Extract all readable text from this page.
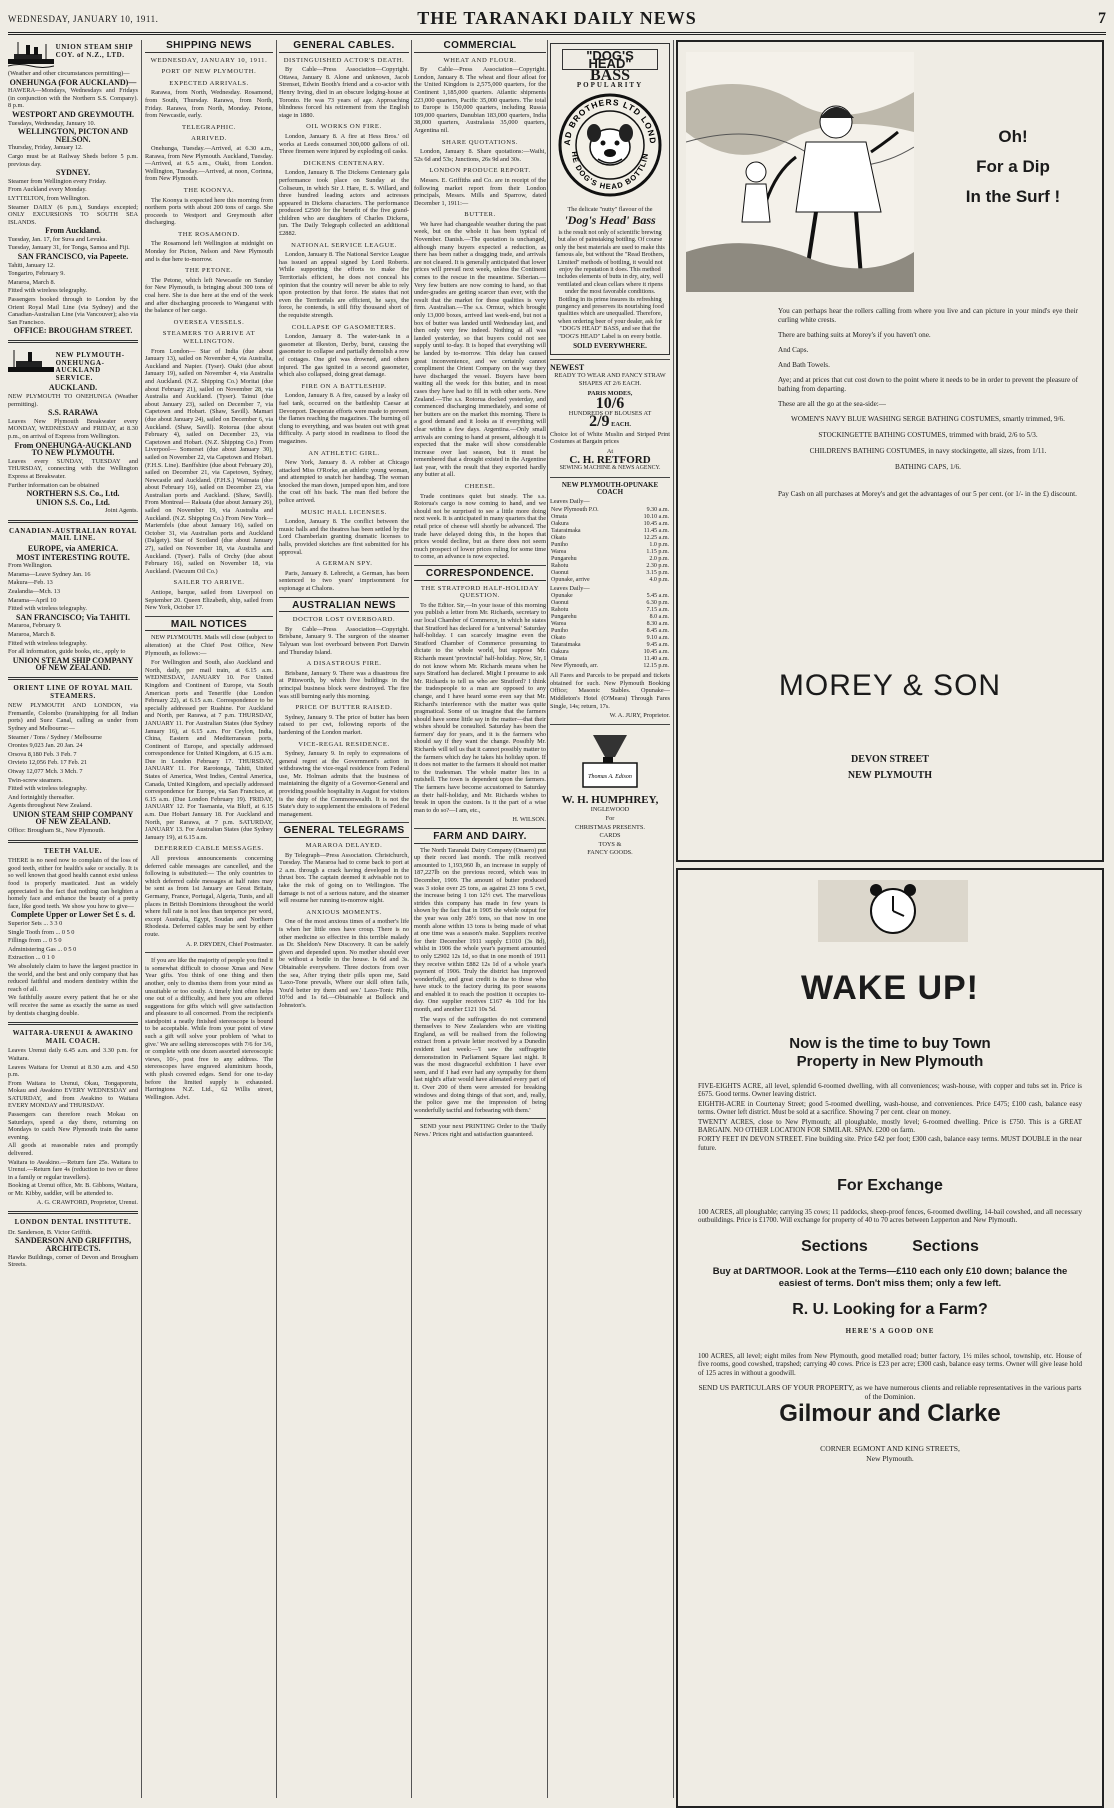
WEDNESDAY, JANUARY 10, 1911.	THE TARANAKI DAILY NEWS	7
UNION STEAM SHIP COY. of N.Z., LTD.

(Weather and other circumstances permitting)—

ONEHUNGA (FOR AUCKLAND)—

HAWERA—Mondays, Wednesdays and Fridays (in conjunction with the Northern S.S. Company). 8 p.m.

WESTPORT AND GREYMOUTH.

Tuesdays, Wednesday, January 10.

WELLINGTON, PICTON AND NELSON.

Thursday, Friday, January 12.

Cargo must be at Railway Sheds before 5 p.m. previous day.

SYDNEY.

Steamer from Wellington every Friday.

From Auckland every Monday.

LYTTELTON, from Wellington.

Steamer DAILY (6 p.m.), Sundays excepted; ONLY EXCURSIONS TO SOUTH SEA ISLANDS.

From Auckland.

Tuesday, Jan. 17, for Suva and Levuka.

Tuesday, January 31, for Tonga, Samoa and Fiji.

SAN FRANCISCO, via Papeete.

Tahiti, January 12.

Tongariro, February 9.

Mararoa, March 8.

Fitted with wireless telegraphy.

Passengers booked through to London by the Orient Royal Mail Line (via Sydney) and the Canadian-Australian Line (via Vancouver); also via San Francisco.

OFFICE: BROUGHAM STREET.

NEW PLYMOUTH-ONEHUNGA-AUCKLAND SERVICE.

AUCKLAND.

NEW PLYMOUTH TO ONEHUNGA (Weather permitting).

S.S. RARAWA

Leaves New Plymouth Breakwater every MONDAY, WEDNESDAY and FRIDAY, at 8.30 p.m., on arrival of Express from Wellington.

From ONEHUNGA-AUCKLAND TO NEW PLYMOUTH.

Leaves every SUNDAY, TUESDAY and THURSDAY, connecting with the Wellington Express at Breakwater.

Further information can be obtained

NORTHERN S.S. Co., Ltd.

UNION S.S. Co., Ltd.

Joint Agents.

CANADIAN-AUSTRALIAN ROYAL MAIL LINE.

EUROPE, via AMERICA.

MOST INTERESTING ROUTE.

From Wellington.

Marama—Leave Sydney Jan. 16

Makura—Feb. 13

Zealandia—Mch. 13

Marama—April 10

Fitted with wireless telegraphy.

SAN FRANCISCO; Via TAHITI.

Mararoa, February 9.

Mararoa, March 8.

Fitted with wireless telegraphy.

For all information, guide books, etc., apply to

UNION STEAM SHIP COMPANY OF NEW ZEALAND.

ORIENT LINE OF ROYAL MAIL STEAMERS.

NEW PLYMOUTH AND LONDON, via Fremantle, Colombo (transhipping for all Indian ports) and Suez Canal, calling as under from Sydney and Melbourne:—

Steamer / Tons / Sydney / Melbourne

Orontes 9,023 Jan. 20 Jan. 24

Orsova 8,180 Feb. 3 Feb. 7

Orvieto 12,056 Feb. 17 Feb. 21

Otway 12,077 Mch. 3 Mch. 7

Twin-screw steamers.

Fitted with wireless telegraphy.

And fortnightly thereafter.

Agents throughout New Zealand.

UNION STEAM SHIP COMPANY OF NEW ZEALAND.

Office: Brougham St., New Plymouth.

TEETH VALUE.

THERE is no need now to complain of the loss of good teeth, either for health's sake or socially. It is so well known that good health cannot exist unless food is properly masticated. Just as widely appreciated is the fact that nothing can heighten a homely face and enhance the beauty of a pretty face, like good teeth. We show you how to give—

Complete Upper or Lower Set £ s. d.

Superior Sets ... 3 3 0

Single Tooth from ... 0 5 0

Fillings from ... 0 5 0

Administering Gas ... 0 5 0

Extraction ... 0 1 0

We absolutely claim to have the largest practice in the world, and the best and only company that has reduced faithful and modern dentistry within the reach of all.

We faithfully assure every patient that he or she will receive the same as exactly the same as used by dentists charging double.

WAITARA-URENUI & AWAKINO MAIL COACH.

Leaves Urenui daily 6.45 a.m. and 3.30 p.m. for Waitara.

Leaves Waitara for Urenui at 8.30 a.m. and 4.50 p.m.

From Waitara to Urenui, Okau, Tongaporutu, Mokau and Awakino EVERY WEDNESDAY and SATURDAY, and from Awakino to Waitara EVERY MONDAY and THURSDAY.

Passengers can therefore reach Mokau on Saturdays, spend a day there, returning on Mondays to catch New Plymouth train the same evening.

All goods at reasonable rates and promptly delivered.

Waitara to Awakino.—Return fare 25s. Waitara to Urenui.—Return fare 4s (reduction to two or three in a family or regular travellers).

Booking at Urenui office, Mr. B. Gibbons, Waitara, or Mr. Kibby, saddler, will be attended to.

A. G. CRAWFORD, Proprietor, Urenui.

LONDON DENTAL INSTITUTE.

Dr. Sanderson, B. Victor Griffith.

SANDERSON AND GRIFFITHS, ARCHITECTS.

Hawke Buildings, corner of Devon and Brougham Streets.

SHIPPING NEWS
WEDNESDAY, JANUARY 10, 1911.
PORT OF NEW PLYMOUTH.
EXPECTED ARRIVALS.

Rarawa, from North, Wednesday. Rosamond, from South, Thursday. Rarawa, from North, Friday. Rarawa, from North, Monday. Petone, from Newcastle, early.

TELEGRAPHIC.
ARRIVED.

Onehunga, Tuesday.—Arrived, at 6.30 a.m., Rarawa, from New Plymouth. Auckland, Tuesday.—Arrived, at 6.5 a.m., Otaki, from London. Wellington, Tuesday.—Arrived, at noon, Corinna, from New Plymouth.

THE KOONYA.

The Koonya is expected here this morning from northern ports with about 200 tons of cargo. She proceeds to Westport and Greymouth after discharging.

THE ROSAMOND.

The Rosamond left Wellington at midnight on Monday for Picton, Nelson and New Plymouth and is due here to-morrow.

THE PETONE.

The Petone, which left Newcastle on Sunday for New Plymouth, is bringing about 300 tons of coal here. She is due here at the end of the week and after discharging proceeds to Wanganui with the balance of her cargo.

OVERSEA VESSELS.
STEAMERS TO ARRIVE AT WELLINGTON.

From London— Star of India (due about January 13), sailed on November 4, via Australia, Auckland and Napier. (Tyser). Otaki (due about January 19), sailed on November 4, via Australia and Auckland. (N.Z. Shipping Co.) Moritai (due about February 21), sailed on November 28, via Australia and Auckland. (Tyser). Tainui (due about January 23), sailed on December 7, via Capetown and Hobart. (Shaw, Savill). Mamari (due about January 24), sailed on December 6, via Auckland. (Shaw, Savill). Rotorua (due about February 4), sailed on December 23, via Capetown and Hobart. (N.Z. Shipping Co.) From Liverpool— Somerset (due about January 30), sailed on November 22, via Capetown and Hobart. (F.H.S. Line). Banffshire (due about February 20), sailed on December 21, via Capetown, Sydney, Newcastle and Auckland. (F.H.S.) Waimata (due about February 16), sailed on December 23, via Australian ports and Auckland. (Shaw, Savill). From Montreal— Raksaia (due about January 26), sailed on November 19, via Australia and Auckland. (N.Z. Shipping Co.) From New York— Mariemfels (due about January 16), sailed on October 31, via Australian ports and Auckland (Dalgety). Star of Scotland (due about January 27), sailed on November 18, via Australia and Auckland. (Tyser). Falls of Orchy (due about February 16), sailed on November 18, via Auckland. (Vacuum Oil Co.)

SAILER TO ARRIVE.

Antiope, barque, sailed from Liverpool on September 20. Queen Elizabeth, ship, sailed from New York, October 17.

MAIL NOTICES

NEW PLYMOUTH. Mails will close (subject to alteration) at the Chief Post Office, New Plymouth, as follows:—

For Wellington and South, also Auckland and North, daily, per mail train, at 6.15 a.m. WEDNESDAY, JANUARY 10. For United Kingdom and Continent of Europe, via South American ports and Teneriffe (due London February 22), at 6.15 a.m. Correspondence to be specially addressed per Ruahine. For Auckland and North, per Rarawa, at 7 p.m. THURSDAY, JANUARY 11. For Australian States (due Sydney January 16), at 6.15 a.m. For Ceylon, India, China, Eastern and Mediterranean ports, Continent of Europe, and specially addressed correspondence for United Kingdom, at 6.15 a.m. Due in London February 17. THURSDAY, JANUARY 11. For Rarotonga, Tahiti, United States of America, West Indies, Central America, Canada, United Kingdom, and specially addressed correspondence for Europe, via San Francisco, at 6.15 a.m. (Due London February 19). FRIDAY, JANUARY 12. For Tasmania, via Bluff, at 6.15 a.m. Due Hobart January 18. For Auckland and North, per Rarawa, at 7 p.m. SATURDAY, JANUARY 13. For Australian States (due Sydney January 19), at 6.15 a.m.

DEFERRED CABLE MESSAGES.

All previous announcements concerning deferred cable messages are cancelled, and the following is substituted:— The only countries to which deferred cable messages at half rates may be sent as from 1st January are Great Britain, Germany, France, Portugal, Algeria, Tunis, and all places in British Dominions throughout the world where full rate is not less than tenpence per word, except Australia, Egypt, Soudan and Northern Rhodesia. Deferred cables may be sent by either route.

A. P. DRYDEN, Chief Postmaster.

If you are like the majority of people you find it is somewhat difficult to choose Xmas and New Year gifts. You think of one thing and then another, only to dismiss them from your mind as unsuitable or too costly. A timely hint often helps one out of a difficulty, and here you are offered suggestions for gifts which will give satisfaction and pleasure to all concerned. From the recipient's standpoint a neatly finished stereoscope is bound to be acceptable. While from your point of view such a gift will solve your problem of 'what to give.' We are selling stereoscopes with 7/6 for 3/6, or complete with one dozen assorted stereoscopic views, 10/-, post free to any address. The stereoscopes have engraved aluminium hoods, with plush covered edges. Send for one to-day before the limited supply is exhausted. Harringtons N.Z. Ltd., 62 Willis street, Wellington. Advt.

GENERAL CABLES.
DISTINGUISHED ACTOR'S DEATH.

By Cable—Press Association—Copyright. Ottawa, January 8. Alone and unknown, Jacob Strenset, Edwin Booth's friend and a co-actor with Henry Irving, died in an obscure lodging-house at Toronto. He was 73 years of age. Approaching blindness forced his retirement from the English stage in 1880.

OIL WORKS ON FIRE.

London, January 8. A fire at Hess Bros.' oil works at Leeds consumed 300,000 gallons of oil. Three firemen were injured by exploding oil casks.

DICKENS CENTENARY.

London, January 8. The Dickens Centenary gala performance took place on Sunday at the Coliseum, in which Sir J. Hare, E. S. Willard, and three hundred leading actors and actresses appeared in Dickens characters. The performance produced £2500 for the benefit of the five grand-children who are daughters of Charles Dickens, jun. The Daily Telegraph collected an additional £2882.

NATIONAL SERVICE LEAGUE.

London, January 8. The National Service League has issued an appeal signed by Lord Roberts. While supporting the efforts to make the Territorials efficient, he does not conceal his opinion that the country will never be able to rely upon protection by that force. He states that not even the Territorials are efficient, he says, the force, he contends, is still fifty thousand short of the requisite strength.

COLLAPSE OF GASOMETERS.

London, January 8. The water-tank in a gasometer at Ilkeston, Derby, burst, causing the gasometer to collapse and partially demolish a row of cottages. One girl was drowned, and others injured. The gas ignited in a second gasometer, which also collapsed, doing great damage.

FIRE ON A BATTLESHIP.

London, January 8. A fire, caused by a leaky oil fuel tank, occurred on the battleship Caesar at Devonport. Desperate efforts were made to prevent the flames reaching the magazines. The burning oil clung to everything, and was beaten out with great difficulty. A party stood in readiness to flood the magazines.

AN ATHLETIC GIRL.

New York, January 8. A robber at Chicago attacked Miss O'Rorke, an athletic young woman, and attempted to snatch her handbag. The woman knocked the man down, jumped upon him, and tore the coat off his back. The man fled before the police arrived.

MUSIC HALL LICENSES.

London, January 8. The conflict between the music halls and the theatres has been settled by the Lord Chamberlain granting dramatic licenses to halls, provided sketches are first submitted for his approval.

A GERMAN SPY.

Paris, January 8. Lehrecht, a German, has been sentenced to two years' imprisonment for espionage at Chalons.

AUSTRALIAN NEWS
DOCTOR LOST OVERBOARD.

By Cable—Press Association—Copyright. Brisbane, January 9. The surgeon of the steamer Talyuan was lost overboard between Port Darwin and Thursday Island.

A DISASTROUS FIRE.

Brisbane, January 9. There was a disastrous fire at Pittsworth, by which five buildings in the principal business block were destroyed. The fire was still burning early this morning.

PRICE OF BUTTER RAISED.

Sydney, January 9. The price of butter has been raised to per cwt, following reports of the hardening of the London market.

VICE-REGAL RESIDENCE.

Sydney, January 9. In reply to expressions of general regret at the Government's action in withdrawing the vice-regal residence from Federal use, Mr. Holman admits that the business of maintaining the dignity of a Governor-General and providing possible hospitality in August for visitors is the duty of the Commonwealth. It is not the State's duty to supplement the emissions of Federal management.

GENERAL TELEGRAMS
MARAROA DELAYED.

By Telegraph—Press Association. Christchurch, Tuesday. The Mararoa had to come back to port at 2 a.m. through a crack having developed in the thrust box. The captain deemed it advisable not to take the risk of going on to Wellington. The damage is not of a serious nature, and the steamer will resume her running to-morrow night.

ANXIOUS MOMENTS.

One of the most anxious times of a mother's life is when her little ones have croup. There is no other medicine so effective in this terrible malady as Dr. Sheldon's New Discovery. It can be safely given and depended upon. No mother should ever be without a bottle in the house. Is 6d and 3s. Obtainable everywhere. Three doctors from over the sea, After trying their pills upon me, Said 'Laxo-Tone prevails, Where our skill often fails, You'd better try them and see.' Laxo-Tonic Pills, 10½d and 1s 6d.—Obtainable at Bullock and Johnston's.

COMMERCIAL
WHEAT AND FLOUR.

By Cable—Press Association—Copyright. London, January 8. The wheat and flour afloat for the United Kingdom is 2,575,000 quarters, for the Continent 1,185,000 quarters. Atlantic shipments 223,000 quarters, Pacific 35,000 quarters. The total to Europe is 150,000 quarters, including Russia 109,000 quarters, Danubian 183,000 quarters, India 38,000 quarters, Australasia 35,000 quarters, Argentina nil.

SHARE QUOTATIONS.

London, January 8. Share quotations:—Waihi, 52s 6d and 53s; Junctions, 26s 9d and 30s.

LONDON PRODUCE REPORT.

Messrs. E. Griffiths and Co. are in receipt of the following market report from their London principals, Messrs. Mills and Sparrow, dated December 1, 1911:—

BUTTER.

We have had changeable weather during the past week, but on the whole it has been typical of November. Danish.—The quotation is unchanged, although many buyers expected a reduction, as there has been rather a dragging trade, and arrivals are not cleared. It is generally anticipated that lower prices will prevail next week, unless the Continent comes to the rescue in the meantime. Siberian.—Very few butters are now coming to hand, so that under-grades are getting scarcer than ever, with the result that the market for these qualities is very firm. Australian.—The s.s. Ormuz, which brought only 13,000 boxes, arrived last week-end, but not a box of butter was landed until Wednesday last, and then only very few indeed. Nothing at all was landed yesterday, so that buyers could not see supply until to-day. It is hoped that everything will be landed by to-morrow. This delay has caused great inconvenience, and we certainly cannot compliment the Orient Company on the way they have discharged the vessel. Buyers have been waiting all the week for this butter, and in most cases they have had to fill in with other sorts. New Zealand.—The s.s. Rotorua docked yesterday, and commenced discharging immediately, and some of her butters are on the market this morning. There is a good demand and it looks as if everything will clear within a few days. Argentina.—Only small arrivals are coming to hand at present, although it is expected that the make will show considerable increase over last season, but it must be remembered that a drought existed in the Argentine last year, with the result that they exported hardly any butter at all.

CHEESE.

Trade continues quiet but steady. The s.s. Rotorua's cargo is now coming to hand, and we should not be surprised to see a little more doing next week. It is anticipated in many quarters that the retail price of cheese will shortly be advanced. The trade have delayed doing this, in the hopes that prices would decline, but as there does not seem much prospect of lower prices ruling for some time to come, an advance is now expected.

CORRESPONDENCE.
THE STRATFORD HALF-HOLIDAY QUESTION.

To the Editor. Sir,—In your issue of this morning you publish a letter from Mr. Richards, secretary to our local Chamber of Commerce, in which he states that Stratford has declared for a 'universal' Saturday half-holiday. I can scarcely imagine even the Stratford Chamber of Commerce presuming to dictate to the whole world, but suppose Mr. Richards meant 'provincial' half-holiday. Now, Sir, I do not know whom Mr. Richards means when he says Stratford has declared. Might I presume to ask Mr. Richards to tell us who are Stratford? I think the tradespeople to a man are opposed to any change, and I have heard some even say that Mr. Richard's interference with the matter was quite pragmatical. Some of us imagine that the farmers should have some little say in the matter—that their wishes should be consulted. Saturday has been the farmers' day for years, and it is the farmers who should say if they want the change. Possibly Mr. Richards will tell us that it cannot possibly matter to the farmers which day he takes his holiday upon. If it does not matter to the farmers it should not matter to the tradesman. The whole matter lies in a nutshell. The town is dependent upon the farmers. The farmers have become accustomed to Saturday as their half-holiday, and Mr. Richards wishes to break in upon the custom. Is it the part of a wise man to do so?—I am, etc.,

H. WILSON.

FARM AND DAIRY.

The North Taranaki Dairy Company (Onaero) put up their record last month. The milk received amounted to 1,193,960 lb, an increase in supply of 187,227lb on the previous record, which was in December, 1909. The amount of butter produced was 3 stoke over 25 tons, as against 23 tons 5 cwt, the increase being 1 ton 12½ cwt. The marvellous strides this company has made in few years is shown by the fact that in 1905 the whole output for the year was only 28½ tons, so that now in one month alone within 13 tons is being made of what at one time was a season's make. Suppliers receive for their December 1911 supply £1010 (3s 8d), whilst in 1906 the whole year's payment amounted to only £2902 12s 1d, so that in one month of 1911 they receive within £882 12s 1d of a whole year's payment of 1906. Truly the district has improved wonderfully, and great credit is due to those who have stuck to the factory during its poor seasons and enabled it to reach the position it occupies to-day. One supplier receives £167 4s 10d for his month, and another £121 10s 5d.

The ways of the suffragettes do not commend themselves to New Zealanders who are visiting England, as will be realised from the following extract from a private letter received by a Dunedin resident last week:—'I saw the suffragette demonstration in Parliament Square last night. It was the most disgraceful exhibition I have ever seen, and if I had ever had any sympathy for them last night's affair would have alienated every part of it. Over 200 of them were arrested for breaking windows and doing things of that sort, and, really, the police gave me the impression of being wonderfully tactful and forbearing with them.'

SEND your next PRINTING Order to the 'Daily News.' Prices right and satisfaction guaranteed.

"DOG'S HEAD"
BASS
POPULARITY
AD BROTHERS LTD LOND
HE DOG'S HEAD BOTTLIN
The delicate "nutty" flavour of the
'Dog's Head' Bass
is the result not only of scientific brewing but also of painstaking bottling. Of course only the best materials are used to make this famous ale, but without the "Read Brothers, Limited" methods of bottling, it would not enjoy the reputation it does. This method includes elements of butts in dry, airy, well ventilated and clean cellars where it ripens under the most favorable conditions. Bottling in its prime insures its refreshing pungency and preserves its nourishing food qualities which are unequalled. Therefore, when ordering beer of your dealer, ask for "DOG'S HEAD" BASS, and see that the "DOG'S HEAD" Label is on every bottle.
SOLD EVERYWHERE.
NEWEST

READY TO WEAR AND FANCY STRAW SHAPES AT 2/6 EACH.

PARIS MODES,

10/6

HUNDREDS OF BLOUSES AT

2/9 EACH.

Choice lot of White Muslin and Striped Print Costumes at Bargain prices

At

C. H. RETFORD

SEWING MACHINE & NEWS AGENCY.

NEW PLYMOUTH-OPUNAKE COACH

Leaves Daily—

New Plymouth P.O.	9.30 a.m.
Omata	10.10 a.m.
Oakura	10.45 a.m.
Tataraimaka	11.45 a.m.
Okato	12.25 a.m.
Puniho	1.0 p.m.
Warea	1.15 p.m.
Pungarehu	2.0 p.m.
Rahotu	2.30 p.m.
Oaonui	3.15 p.m.
Opunake, arrive	4.0 p.m.

Leaves Daily—

Opunake	5.45 a.m.
Oaonui	6.30 p.m.
Rahotu	7.15 a.m.
Pungarehu	8.0 a.m.
Warea	8.30 a.m.
Puniho	8.45 a.m.
Okato	9.10 a.m.
Tataraimaka	9.45 a.m.
Oakura	10.45 a.m.
Omata	11.40 a.m.
New Plymouth, arr.	12.15 p.m.

All Fares and Parcels to be prepaid and tickets obtained for such. New Plymouth Booking Office; Masonic Stables. Opunake—Middleton's Hotel (O'Meara) Through Fares Single, 14s; return, 17s.

W. A. JURY, Proprietor.

Thomas A. Edison
W. H. HUMPHREY,

INGLEWOOD

For

CHRISTMAS PRESENTS.

CARDS

TOYS &

FANCY GOODS.

Oh!
For a Dip
In the Surf !

You can perhaps hear the rollers calling from where you live and can picture in your mind's eye their curling white crests.

There are bathing suits at Morey's if you haven't one.

And Caps.

And Bath Towels.

Aye; and at prices that cut cost down to the point where it needs to be in order to prevent the pleasure of bathing from departing.

These are all the go at the sea-side:—

WOMEN'S NAVY BLUE WASHING SERGE BATHING COSTUMES, smartly trimmed, 9/6.

STOCKINGETTE BATHING COSTUMES, trimmed with braid, 2/6 to 5/3.

CHILDREN'S BATHING COSTUMES, in navy stockingette, all sizes, from 1/11.

BATHING CAPS, 1/6.

Pay Cash on all purchases at Morey's and get the advantages of our 5 per cent. (or 1/- in the £) discount.

MOREY & SON
DEVON STREET
NEW PLYMOUTH
WAKE UP!
Now is the time to buy Town
Property in New Plymouth

FIVE-EIGHTS ACRE, all level, splendid 6-roomed dwelling, with all conveniences; wash-house, with copper and tubs set in. Price is £675. Good terms. Owner leaving district.

EIGHTH-ACRE in Courtenay Street; good 5-roomed dwelling, wash-house, and conveniences. Price £475; £100 cash, balance easy terms. Owner left district. Must be sold at a sacrifice. Showing 7 per cent. clear on money.

TWENTY ACRES, close to New Plymouth; all ploughable, mostly level; 6-roomed dwelling. Price is £750. This is a GREAT BARGAIN. NO OTHER LOCATION FOR SIMILAR. SPAN. £200 on farm.

FORTY FEET IN DEVON STREET. Fine building site. Price £42 per foot; £300 cash, balance easy terms. MUST DOUBLE in the near future.

For Exchange
100 ACRES, all ploughable; carrying 35 cows; 11 paddocks, sheep-proof fences, 6-roomed dwelling, 14-bail cowshed, and all necessary outbuildings. Price is £1700. Will exchange for property of 40 to 70 acres between Lepperton and New Plymouth.
Sections	Sections
Buy at DARTMOOR. Look at the Terms—£110 each only £10 down; balance the easiest of terms. Don't miss them; only a few left.
R. U. Looking for a Farm?
HERE'S A GOOD ONE
100 ACRES, all level; eight miles from New Plymouth, good metalled road; butter factory, 1½ miles school, township, etc. House of five rooms, good cowshed, trapshed; carrying 40 cows. Price is £23 per acre; £300 cash, balance easy terms. Owner will give lease hold of 125 acres in without a goodwill.
SEND US PARTICULARS OF YOUR PROPERTY, as we have numerous clients and reliable representatives in the various parts of the Dominion.
Gilmour and Clarke
CORNER EGMONT AND KING STREETS,
New Plymouth.
